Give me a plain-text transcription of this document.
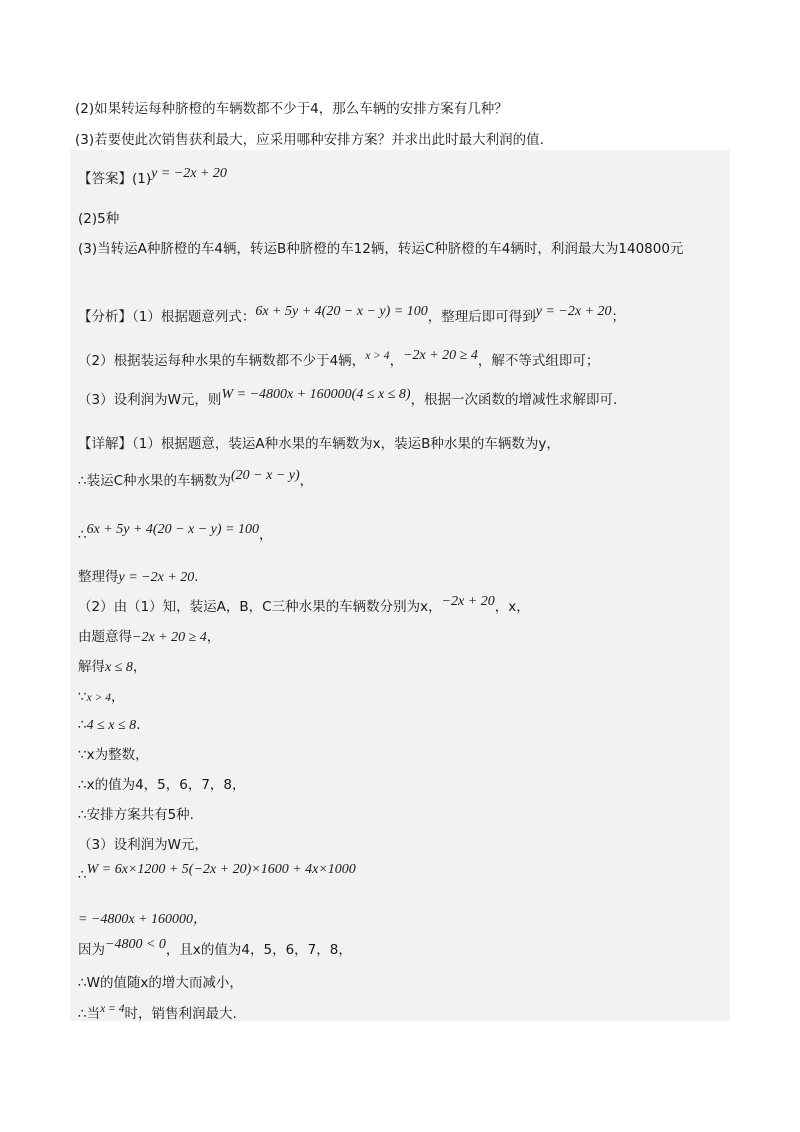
(2)如果转运每种脐橙的车辆数都不少于4，那么车辆的安排方案有几种？
(3)若要使此次销售获利最大，应采用哪种安排方案？并求出此时最大利润的值.
【答案】(1)y = −2x + 20
(2)5种
(3)当转运A种脐橙的车4辆，转运B种脐橙的车12辆，转运C种脐橙的车4辆时，利润最大为140800元
【分析】（1）根据题意列式：6x + 5y + 4(20 − x − y) = 100，整理后即可得到y = −2x + 20；
（2）根据装运每种水果的车辆数都不少于4辆，x > 4，−2x + 20 ≥ 4，解不等式组即可；
（3）设利润为W元，则W = −4800x + 160000(4 ≤ x ≤ 8)，根据一次函数的增减性求解即可.
【详解】（1）根据题意，装运A种水果的车辆数为x，装运B种水果的车辆数为y，
∴装运C种水果的车辆数为(20 − x − y)，
∴6x + 5y + 4(20 − x − y) = 100，
整理得y = −2x + 20.
（2）由（1）知，装运A，B，C三种水果的车辆数分别为x，−2x + 20，x，
由题意得−2x + 20 ≥ 4，
解得x ≤ 8，
∵x > 4，
∴4 ≤ x ≤ 8.
∵x为整数，
∴x的值为4，5，6，7，8，
∴安排方案共有5种.
（3）设利润为W元，
∴W = 6x×1200 + 5(−2x + 20)×1600 + 4x×1000
= −4800x + 160000，
因为−4800 < 0，且x的值为4，5，6，7，8，
∴W的值随x的增大而减小，
∴当x = 4时，销售利润最大.
